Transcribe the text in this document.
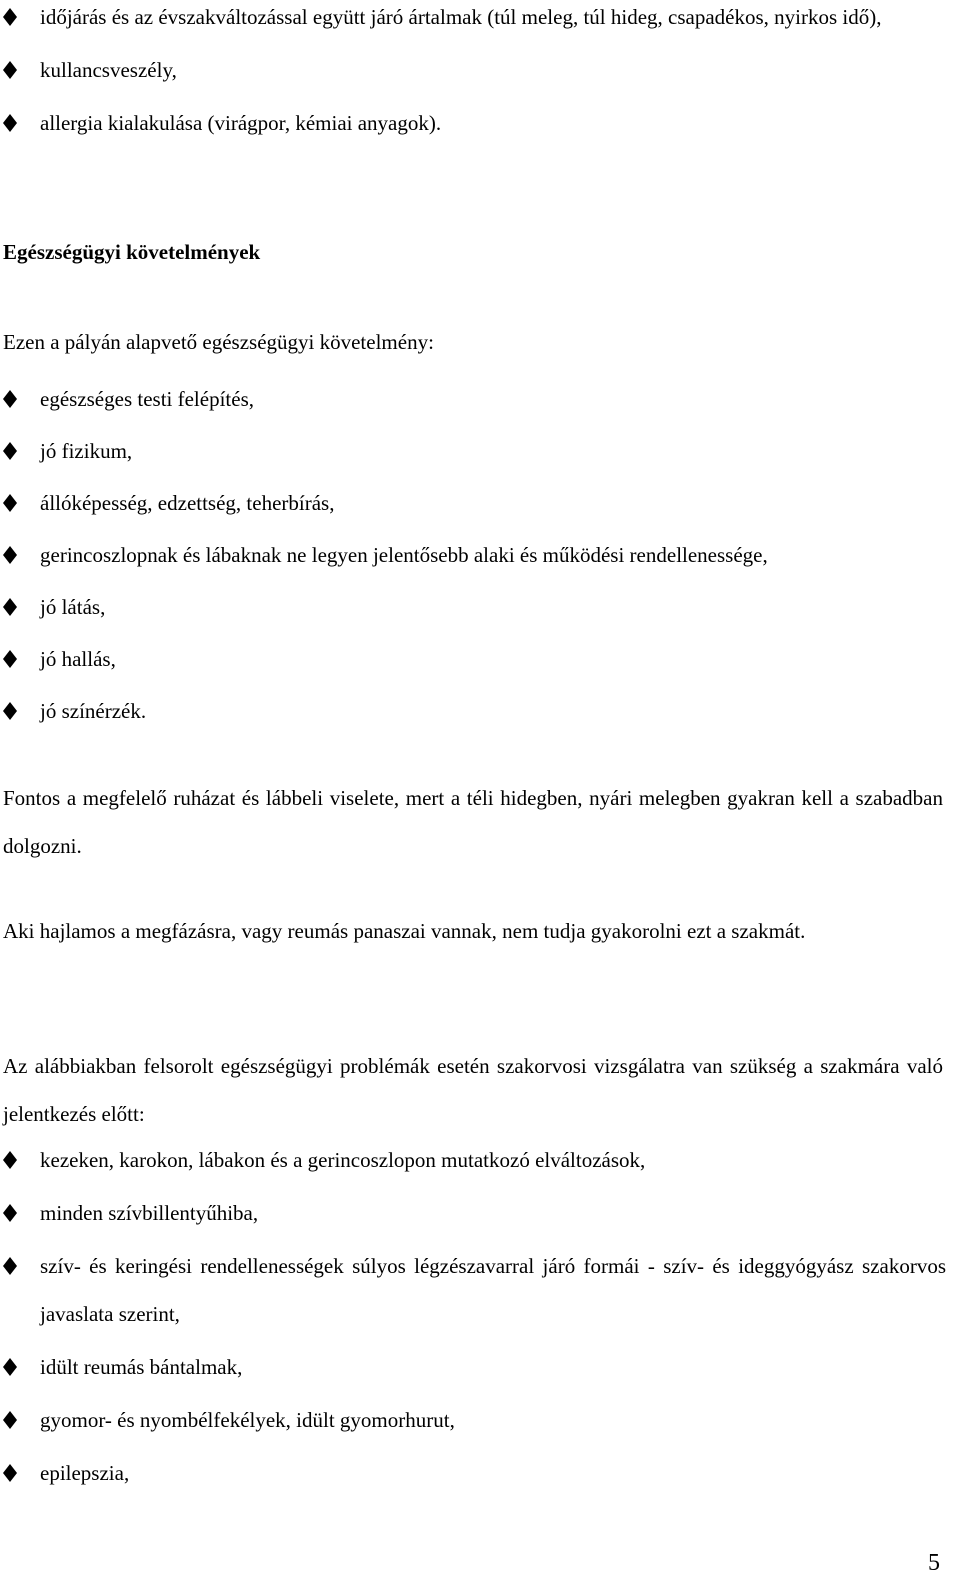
időjárás és az évszakváltozással együtt járó ártalmak (túl meleg, túl hideg, csapadékos, nyirkos idő),
kullancsveszély,
allergia kialakulása (virágpor, kémiai anyagok).
Egészségügyi követelmények

Ezen a pályán alapvető egészségügyi követelmény:

egészséges testi felépítés,
jó fizikum,
állóképesség, edzettség, teherbírás,
gerincoszlopnak és lábaknak ne legyen jelentősebb alaki és működési rendellenessége,
jó látás,
jó hallás,
jó színérzék.

Fontos a megfelelő ruházat és lábbeli viselete, mert a téli hidegben, nyári melegben gyakran kell a szabadban dolgozni.

Aki hajlamos a megfázásra, vagy reumás panaszai vannak, nem tudja gyakorolni ezt a szakmát.

Az alábbiakban felsorolt egészségügyi problémák esetén szakorvosi vizsgálatra van szükség a szakmára való jelentkezés előtt:

kezeken, karokon, lábakon és a gerincoszlopon mutatkozó elváltozások,
minden szívbillentyűhiba,
szív- és keringési rendellenességek súlyos légzészavarral járó formái - szív- és ideggyógyász szakorvos javaslata szerint,
idült reumás bántalmak,
gyomor- és nyombélfekélyek, idült gyomorhurut,
epilepszia,
5
